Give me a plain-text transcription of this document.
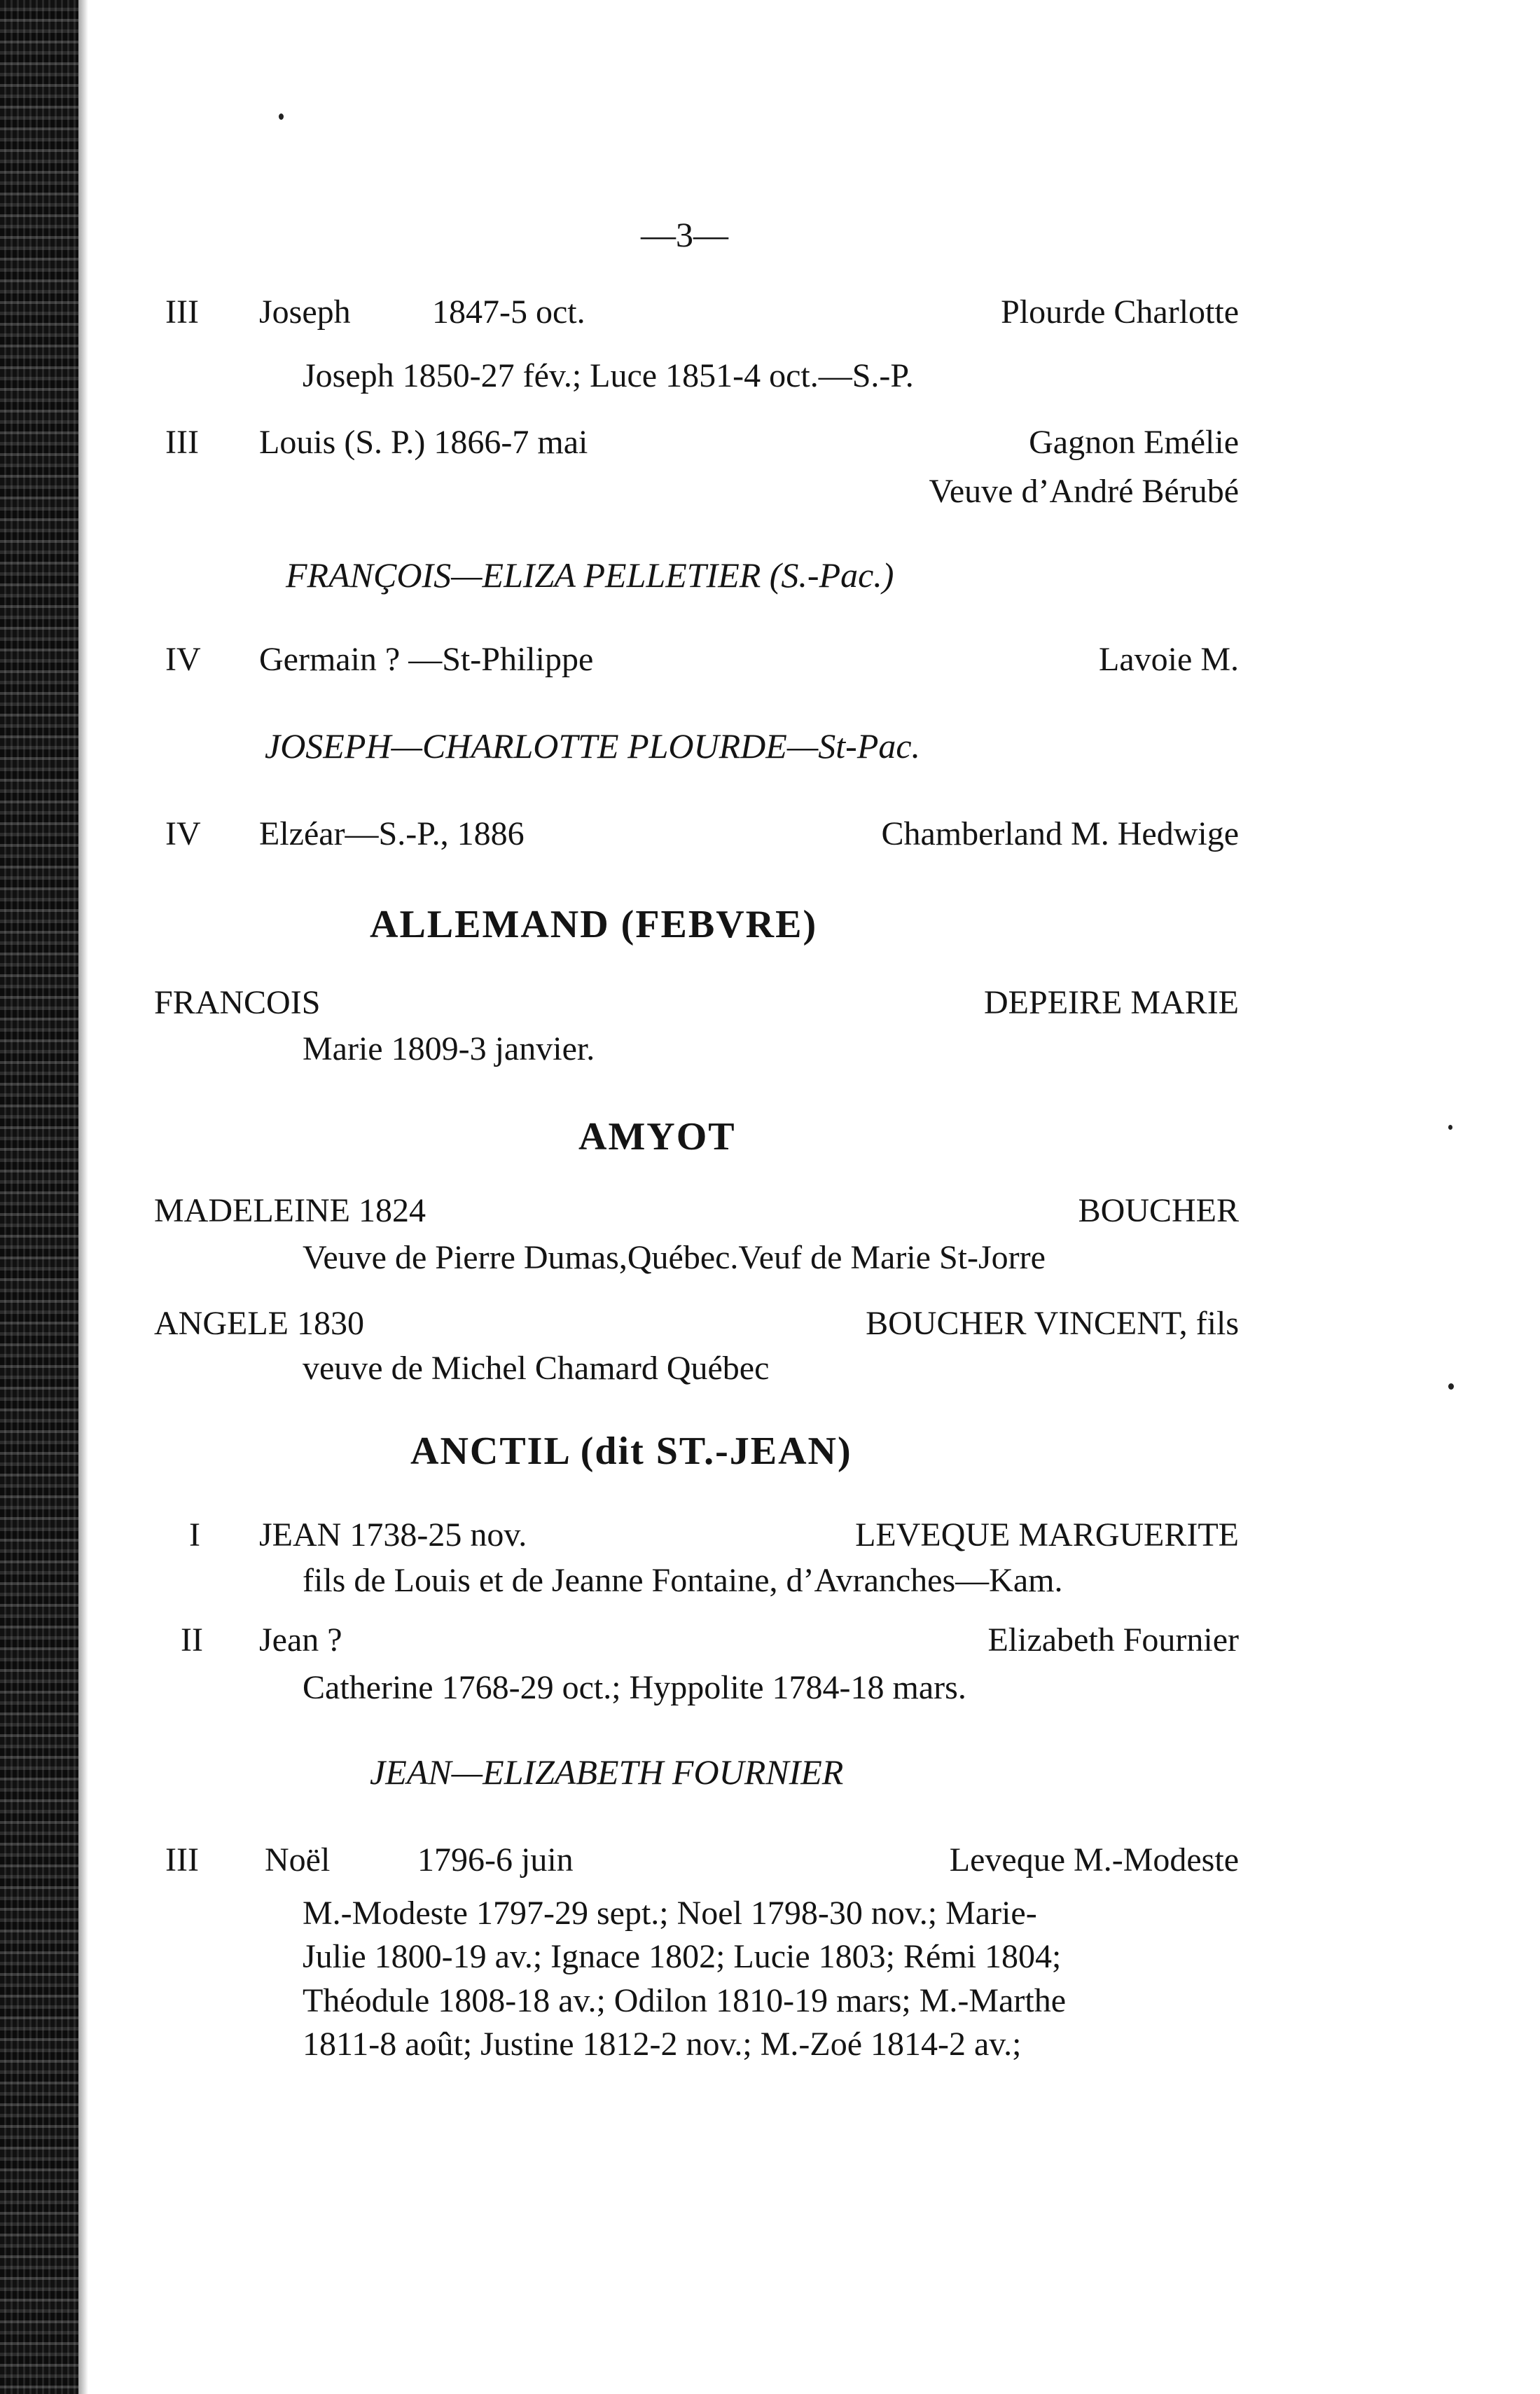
—3—
III Joseph 1847-5 oct.	Plourde Charlotte
Joseph 1850-27 fév.; Luce 1851-4 oct.—S.-P.
III Louis (S. P.) 1866-7 mai	Gagnon Emélie
Veuve d’André Bérubé
FRANÇOIS—ELIZA PELLETIER (S.-Pac.)
IV Germain ? —St-Philippe	Lavoie M.
JOSEPH—CHARLOTTE PLOURDE—St-Pac.
IV Elzéar—S.-P., 1886	Chamberland M. Hedwige
ALLEMAND (FEBVRE)
FRANCOIS	DEPEIRE MARIE
Marie 1809-3 janvier.
AMYOT
MADELEINE 1824	BOUCHER
Veuve de Pierre Dumas,Québec.Veuf de Marie St-Jorre
ANGELE 1830	BOUCHER VINCENT, fils
veuve de Michel Chamard Québec
ANCTIL (dit ST.-JEAN)
I JEAN 1738-25 nov.	LEVEQUE MARGUERITE
fils de Louis et de Jeanne Fontaine, d’Avranches—Kam.
II Jean ?	Elizabeth Fournier
Catherine 1768-29 oct.; Hyppolite 1784-18 mars.
JEAN—ELIZABETH FOURNIER
III Noël	1796-6 juin	Leveque M.-Modeste
M.-Modeste 1797-29 sept.; Noel 1798-30 nov.; Marie-
Julie 1800-19 av.; Ignace 1802; Lucie 1803; Rémi 1804;
Théodule 1808-18 av.; Odilon 1810-19 mars; M.-Marthe
1811-8 août; Justine 1812-2 nov.; M.-Zoé 1814-2 av.;
